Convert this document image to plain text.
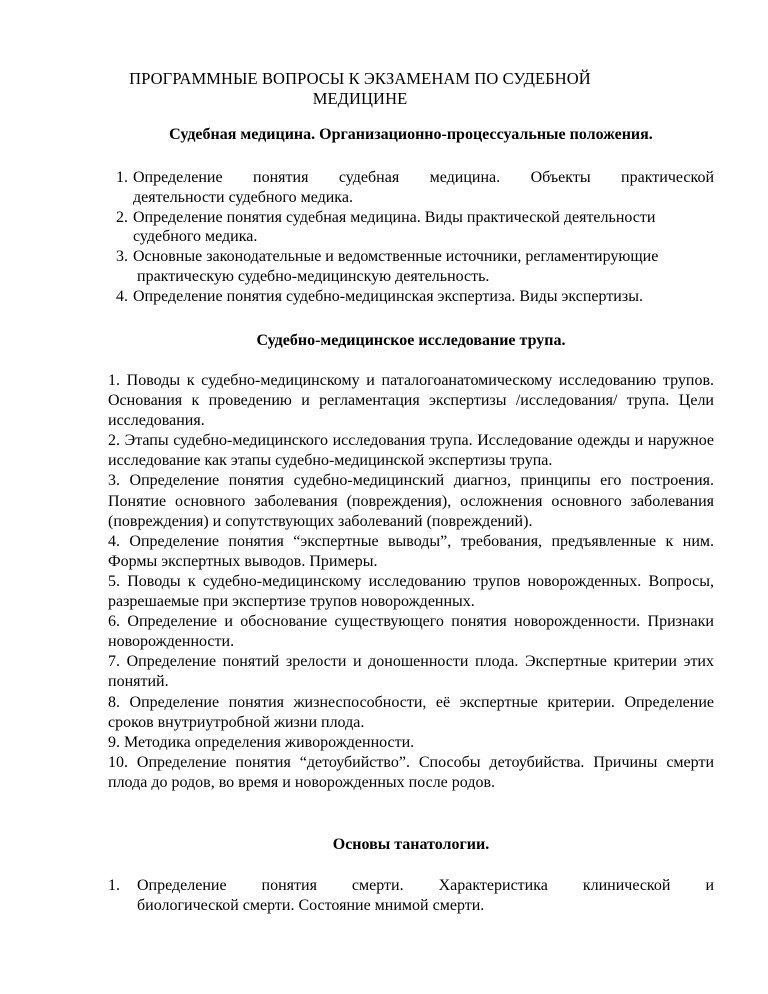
ПРОГРАММНЫЕ ВОПРОСЫ К ЭКЗАМЕНАМ ПО СУДЕБНОЙ МЕДИЦИНЕ
Судебная медицина. Организационно-процессуальные положения.
1. Определение понятия судебная медицина. Объекты практической
деятельности судебного медика.
2. Определение понятия судебная медицина. Виды практической деятельности
судебного медика.
3. Основные законодательные и ведомственные источники, регламентирующие
практическую судебно-медицинскую деятельность.
4. Определение понятия судебно-медицинская экспертиза. Виды экспертизы.
Судебно-медицинское исследование трупа.

1. Поводы к судебно-медицинскому и паталогоанатомическому исследованию трупов. Основания к проведению и регламентация экспертизы /исследования/ трупа. Цели исследования.

2. Этапы судебно-медицинского исследования трупа. Исследование одежды и наружное исследование как этапы судебно-медицинской экспертизы трупа.

3. Определение понятия судебно-медицинский диагноз, принципы его построения. Понятие основного заболевания (повреждения), осложнения основного заболевания (повреждения) и сопутствующих заболеваний (повреждений).

4. Определение понятия “экспертные выводы”, требования, предъявленные к ним. Формы экспертных выводов. Примеры.

5. Поводы к судебно-медицинскому исследованию трупов новорожденных. Вопросы, разрешаемые при экспертизе трупов новорожденных.

6. Определение и обоснование существующего понятия новорожденности. Признаки новорожденности.

7. Определение понятий зрелости и доношенности плода. Экспертные критерии этих понятий.

8. Определение понятия жизнеспособности, её экспертные критерии. Определение сроков внутриутробной жизни плода.

9. Методика определения живорожденности.

10. Определение понятия “детоубийство”. Способы детоубийства. Причины смерти плода до родов, во время и новорожденных после родов.

Основы танатологии.
1. Определение понятия смерти. Характеристика клинической и
биологической смерти. Состояние мнимой смерти.
